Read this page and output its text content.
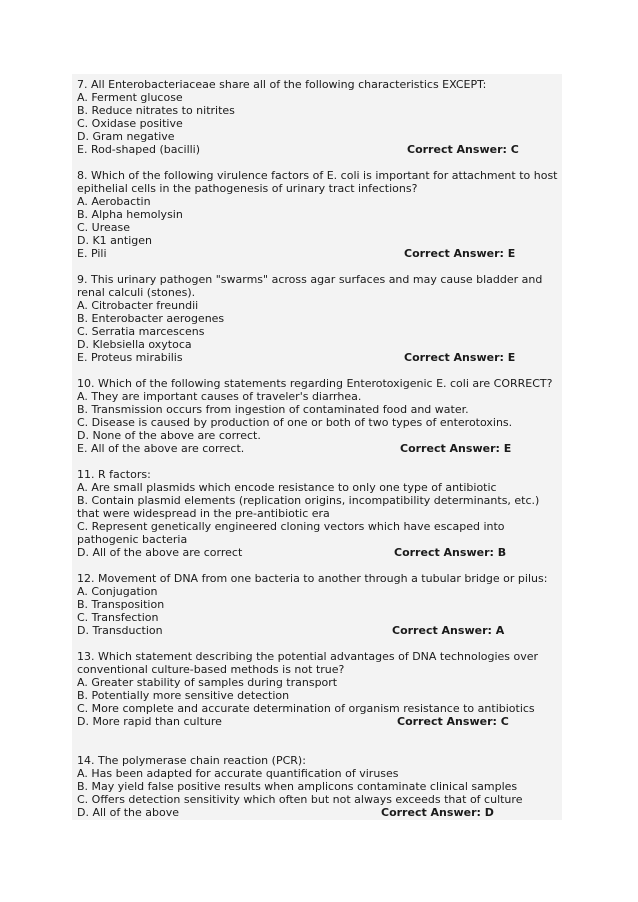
7. All Enterobacteriaceae share all of the following characteristics EXCEPT:
A. Ferment glucose
B. Reduce nitrates to nitrites
C. Oxidase positive
D. Gram negative
E. Rod-shaped (bacilli)	Correct Answer: C
8. Which of the following virulence factors of E. coli is important for attachment to host epithelial cells in the pathogenesis of urinary tract infections?
A. Aerobactin
B. Alpha hemolysin
C. Urease
D. K1 antigen
E. Pili	Correct Answer: E
9. This urinary pathogen "swarms" across agar surfaces and may cause bladder and renal calculi (stones).
A. Citrobacter freundii
B. Enterobacter aerogenes
C. Serratia marcescens
D. Klebsiella oxytoca
E. Proteus mirabilis	Correct Answer: E
10. Which of the following statements regarding Enterotoxigenic E. coli are CORRECT?
A. They are important causes of traveler's diarrhea.
B. Transmission occurs from ingestion of contaminated food and water.
C. Disease is caused by production of one or both of two types of enterotoxins.
D. None of the above are correct.
E. All of the above are correct.	Correct Answer: E
11. R factors:
A. Are small plasmids which encode resistance to only one type of antibiotic
B. Contain plasmid elements (replication origins, incompatibility determinants, etc.) that were widespread in the pre-antibiotic era
C. Represent genetically engineered cloning vectors which have escaped into pathogenic bacteria
D. All of the above are correct	Correct Answer: B
12. Movement of DNA from one bacteria to another through a tubular bridge or pilus:
A. Conjugation
B. Transposition
C. Transfection
D. Transduction	Correct Answer: A
13. Which statement describing the potential advantages of DNA technologies over conventional culture-based methods is not true?
A. Greater stability of samples during transport
B. Potentially more sensitive detection
C. More complete and accurate determination of organism resistance to antibiotics
D. More rapid than culture	Correct Answer: C
14. The polymerase chain reaction (PCR):
A. Has been adapted for accurate quantification of viruses
B. May yield false positive results when amplicons contaminate clinical samples
C. Offers detection sensitivity which often but not always exceeds that of culture
D. All of the above	Correct Answer: D
